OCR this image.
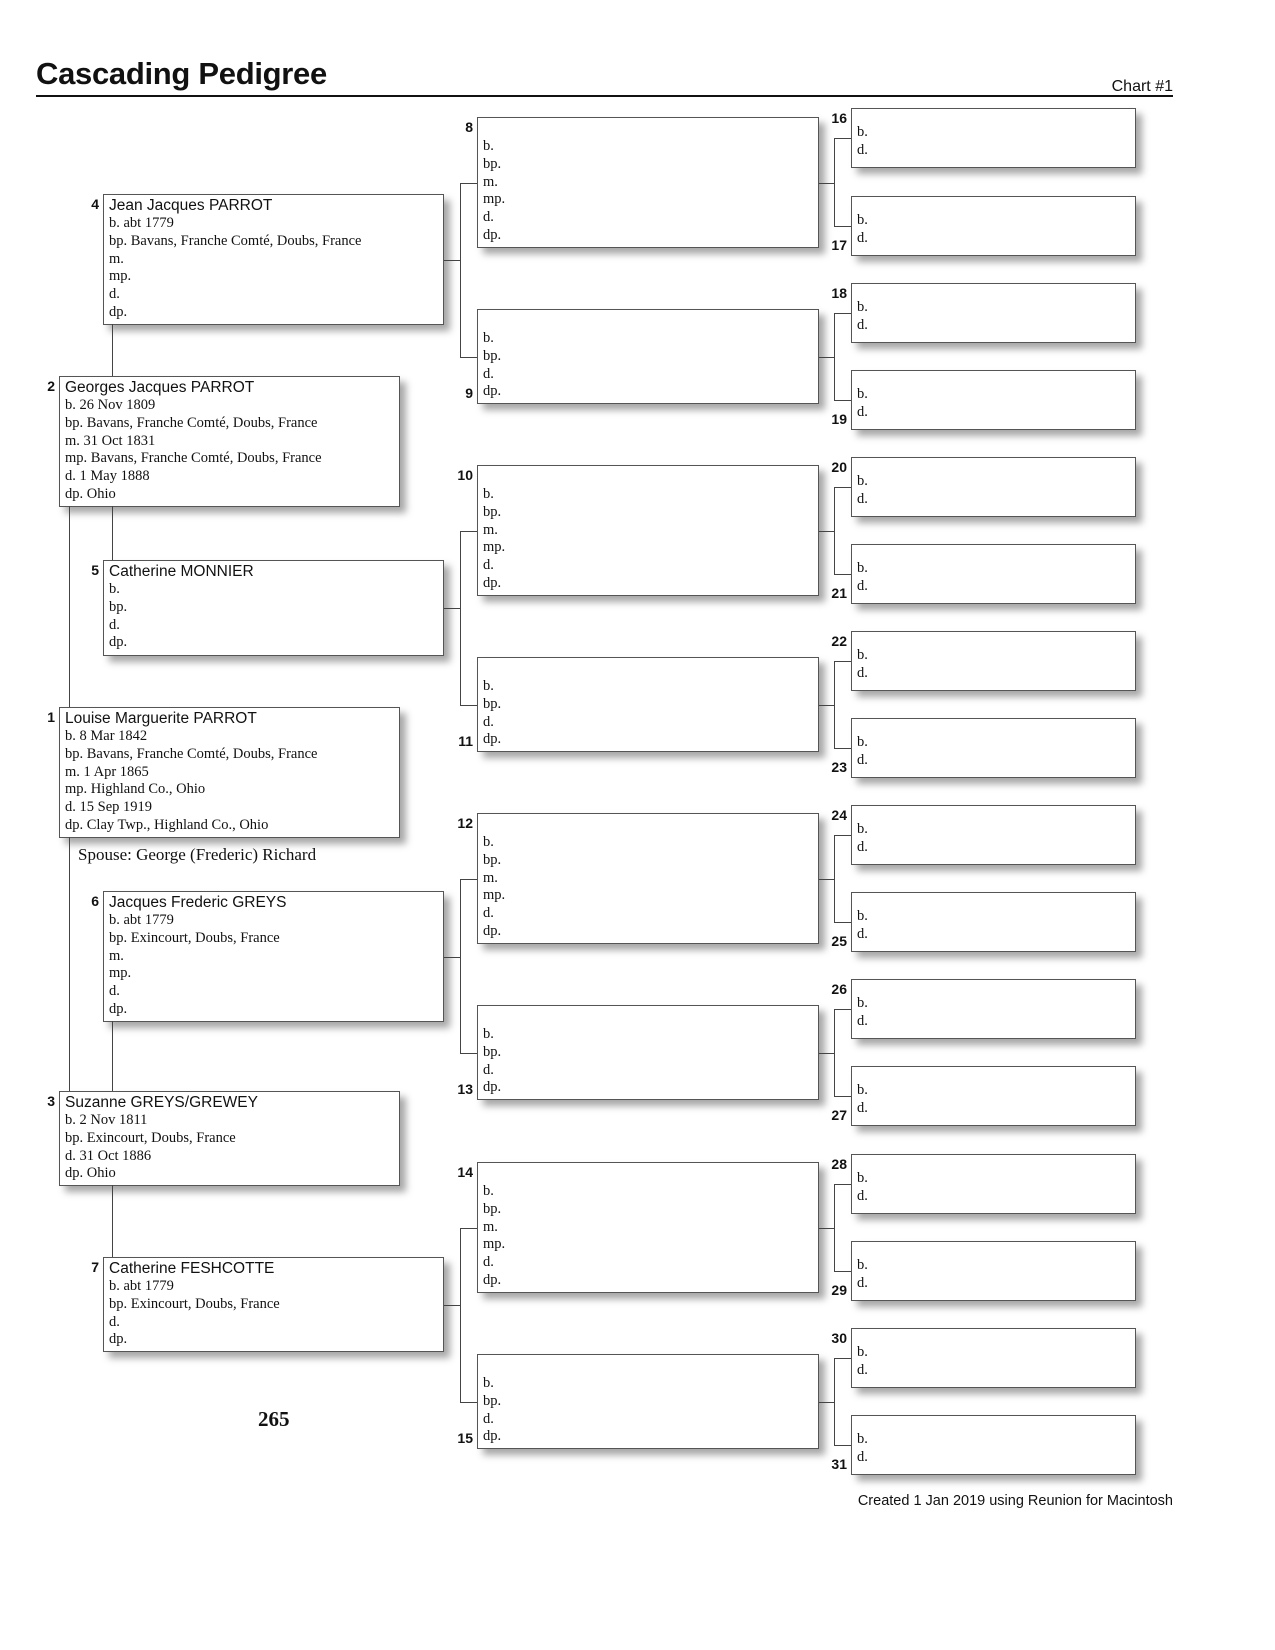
Cascading Pedigree	Chart #1
Louise Marguerite PARROT
b. 8 Mar 1842
bp. Bavans, Franche Comté, Doubs, France
m. 1 Apr 1865
mp. Highland Co., Ohio
d. 15 Sep 1919
dp. Clay Twp., Highland Co., Ohio
1
Georges Jacques PARROT
b. 26 Nov 1809
bp. Bavans, Franche Comté, Doubs, France
m. 31 Oct 1831
mp. Bavans, Franche Comté, Doubs, France
d. 1 May 1888
dp. Ohio
2
Suzanne GREYS/GREWEY
b. 2 Nov 1811
bp. Exincourt, Doubs, France
d. 31 Oct 1886
dp. Ohio
3
Jean Jacques PARROT
b. abt 1779
bp. Bavans, Franche Comté, Doubs, France
m.
mp.
d.
dp.
4
Catherine MONNIER
b.
bp.
d.
dp.
5
Jacques Frederic GREYS
b. abt 1779
bp. Exincourt, Doubs, France
m.
mp.
d.
dp.
6
Catherine FESHCOTTE
b. abt 1779
bp. Exincourt, Doubs, France
d.
dp.
7
b.
bp.
m.
mp.
d.
dp.
8
b.
bp.
d.
dp.
9
b.
bp.
m.
mp.
d.
dp.
10
b.
bp.
d.
dp.
11
b.
bp.
m.
mp.
d.
dp.
12
b.
bp.
d.
dp.
13
b.
bp.
m.
mp.
d.
dp.
14
b.
bp.
d.
dp.
15
b.
d.
16
b.
d.
17
b.
d.
18
b.
d.
19
b.
d.
20
b.
d.
21
b.
d.
22
b.
d.
23
b.
d.
24
b.
d.
25
b.
d.
26
b.
d.
27
b.
d.
28
b.
d.
29
b.
d.
30
b.
d.
31
Spouse: George (Frederic) Richard
265
Created 1 Jan 2019 using Reunion for Macintosh
